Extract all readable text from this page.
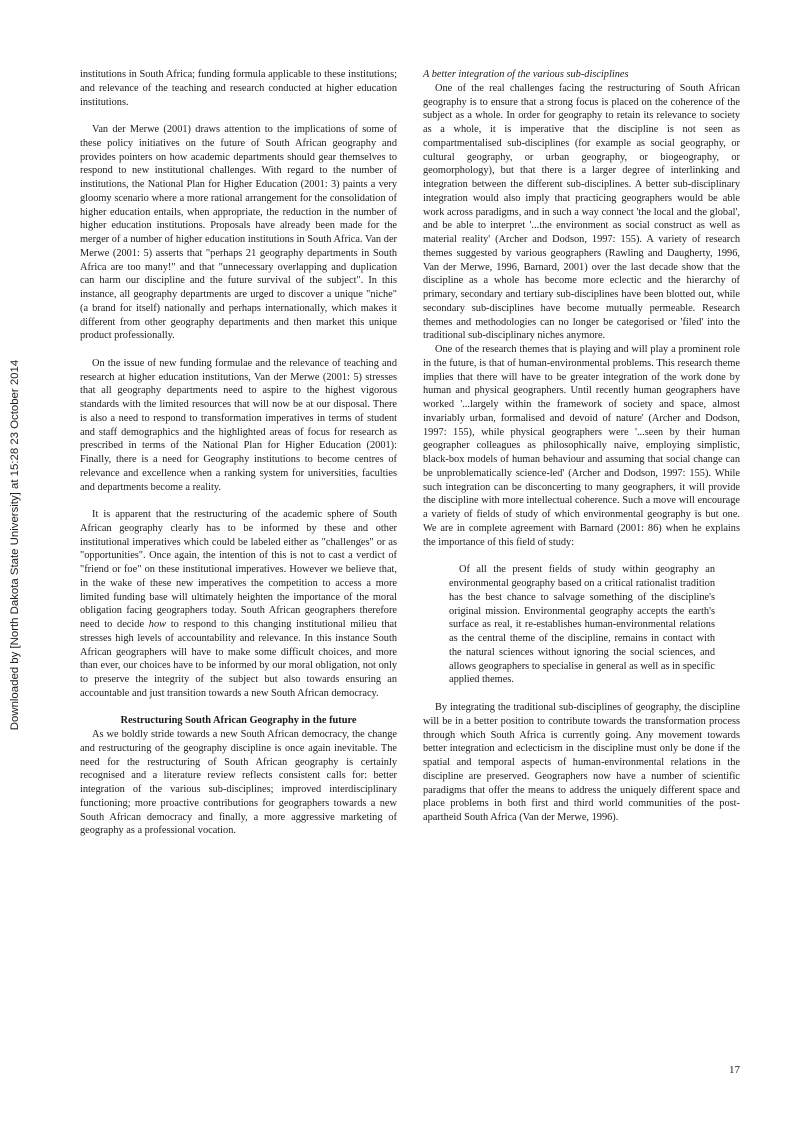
Downloaded by [North Dakota State University] at 15:28 23 October 2014

institutions in South Africa; funding formula applicable to these institutions; and relevance of the teaching and research conducted at higher education institutions.

Van der Merwe (2001) draws attention to the implications of some of these policy initiatives on the future of South African geography and provides pointers on how academic departments should gear themselves to respond to new institutional challenges. With regard to the number of institutions, the National Plan for Higher Education (2001: 3) paints a very gloomy scenario where a more rational arrangement for the consolidation of higher education entails, when appropriate, the reduction in the number of higher education institutions. Proposals have already been made for the merger of a number of higher education institutions in South Africa. Van der Merwe (2001: 5) asserts that "perhaps 21 geography departments in South Africa are too many!" and that "unnecessary overlapping and duplication can harm our discipline and the future survival of the subject". In this instance, all geography departments are urged to discover a unique "niche" (a brand for itself) nationally and perhaps internationally, which makes it different from other geography departments and then market this unique product professionally.

On the issue of new funding formulae and the relevance of teaching and research at higher education institutions, Van der Merwe (2001: 5) stresses that all geography departments need to aspire to the highest vigorous standards with the limited resources that will now be at our disposal. There is also a need to respond to transformation imperatives in terms of student and staff demographics and the highlighted areas of focus for research as prescribed in terms of the National Plan for Higher Education (2001): Finally, there is a need for Geography institutions to become centres of relevance and excellence when a ranking system for universities, faculties and departments become a reality.

It is apparent that the restructuring of the academic sphere of South African geography clearly has to be informed by these and other institutional imperatives which could be labeled either as "challenges" or as "opportunities". Once again, the intention of this is not to cast a verdict of "friend or foe" on these institutional imperatives. However we believe that, in the wake of these new imperatives the competition to access a more limited funding base will ultimately heighten the importance of the moral obligation facing geographers today. South African geographers therefore need to decide how to respond to this changing institutional milieu that stresses high levels of accountability and relevance. In this instance South African geographers will have to make some difficult choices, and more than ever, our choices have to be informed by our moral obligation, not only to preserve the integrity of the subject but also towards ensuring an accountable and just transition towards a new South African democracy.

Restructuring South African Geography in the future

As we boldly stride towards a new South African democracy, the change and restructuring of the geography discipline is once again inevitable. The need for the restructuring of South African geography is certainly recognised and a literature review reflects consistent calls for: better integration of the various sub-disciplines; improved interdisciplinary functioning; more proactive contributions for geographers towards a new South African democracy and finally, a more aggressive marketing of geography as a professional vocation.

A better integration of the various sub-disciplines

One of the real challenges facing the restructuring of South African geography is to ensure that a strong focus is placed on the coherence of the subject as a whole. In order for geography to retain its relevance to society as a whole, it is imperative that the discipline is not seen as compartmentalised sub-disciplines (for example as social geography, or cultural geography, or urban geography, or biogeography, or geomorphology), but that there is a larger degree of interlinking and integration between the different sub-disciplines. A better sub-disciplinary integration would also imply that practicing geographers would be able work across paradigms, and in such a way connect 'the local and the global', and be able to interpret '...the environment as social construct as well as material reality' (Archer and Dodson, 1997: 155). A variety of research themes suggested by various geographers (Rawling and Daugherty, 1996, Van der Merwe, 1996, Barnard, 2001) over the last decade show that the discipline as a whole has become more eclectic and the hierarchy of primary, secondary and tertiary sub-disciplines have been blotted out, while secondary sub-disciplines have become mutually permeable. Research themes and methodologies can no longer be categorised or 'filed' into the traditional sub-disciplinary niches anymore.

One of the research themes that is playing and will play a prominent role in the future, is that of human-environmental problems. This research theme implies that there will have to be greater integration of the work done by human and physical geographers. Until recently human geographers have worked '...largely within the framework of society and space, almost invariably urban, formalised and devoid of nature' (Archer and Dodson, 1997: 155), while physical geographers were '...seen by their human geographer colleagues as philosophically naive, employing simplistic, black-box models of human behaviour and assuming that social change can be unproblematically science-led' (Archer and Dodson, 1997: 155). While such integration can be disconcerting to many geographers, it will provide the discipline with more intellectual coherence. Such a move will encourage a variety of fields of study of which environmental geography is but one. We are in complete agreement with Barnard (2001: 86) when he explains the importance of this field of study:

Of all the present fields of study within geography an environmental geography based on a critical rationalist tradition has the best chance to salvage something of the discipline's original mission. Environmental geography accepts the earth's surface as real, it re-establishes human-environmental relations as the central theme of the discipline, remains in contact with the natural sciences without ignoring the social sciences, and allows geographers to specialise in general as well as in specific applied themes.

By integrating the traditional sub-disciplines of geography, the discipline will be in a better position to contribute towards the transformation process through which South Africa is currently going. Any movement towards better integration and eclecticism in the discipline must only be done if the spatial and temporal aspects of human-environmental relations in the discipline are preserved. Geographers now have a number of scientific paradigms that offer the means to address the uniquely different space and place problems in both first and third world communities of the post-apartheid South Africa (Van der Merwe, 1996).

17
